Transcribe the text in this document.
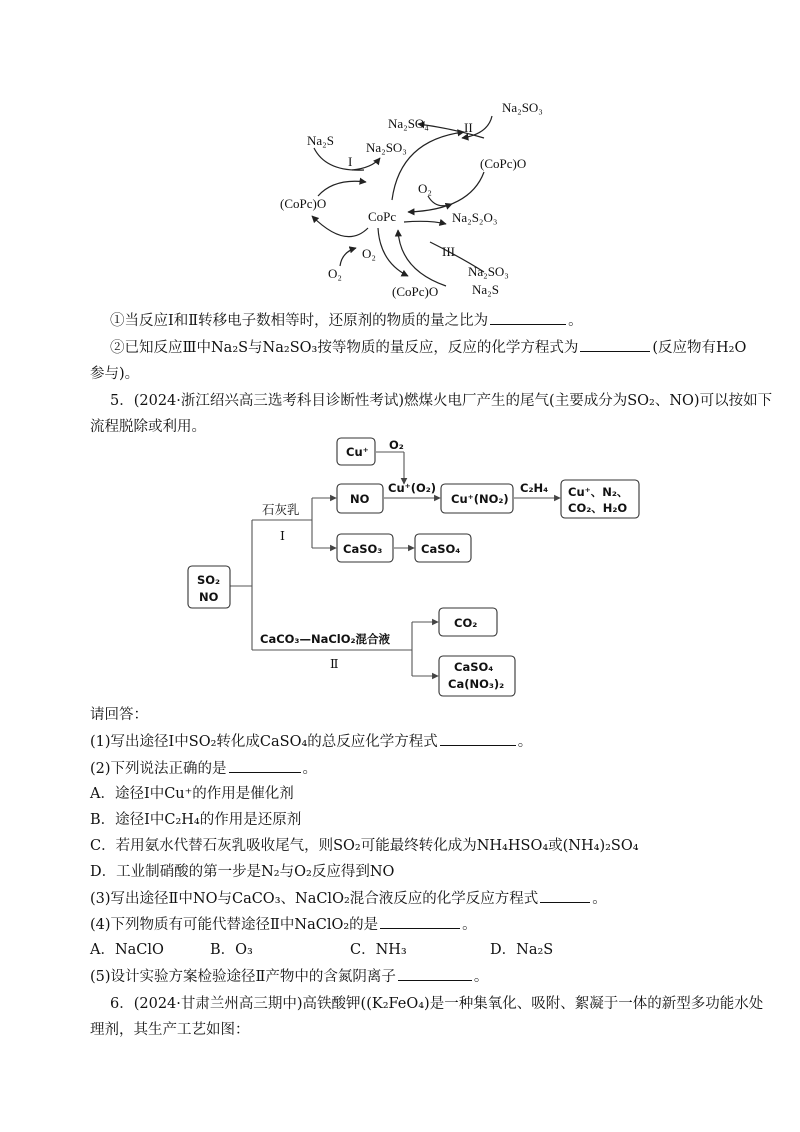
Na₂SO₃
Na₂SO₄	II
Na₂S
I
Na₂SO₃
(CoPc)O
O₂
(CoPc)O
CoPc	Na₂S₂O₃
O₂	III
O₂	Na₂SO₃
Na₂S
(CoPc)O
①当反应Ⅰ和Ⅱ转移电子数相等时，还原剂的物质的量之比为	。
②已知反应Ⅲ中Na₂S与Na₂SO₃按等物质的量反应，反应的化学方程式为	(反应物有H₂O
参与)。
5．(2024·浙江绍兴高三选考科目诊断性考试)燃煤火电厂产生的尾气(主要成分为SO₂、NO)可以按如下
流程脱除或利用。
Cu⁺ O₂
NO
Cu⁺(O₂)
Cu⁺(NO₂)
C₂H₄ Cu⁺、N₂、
CO₂、H₂O
石灰乳
Ⅰ
CaSO₃	CaSO₄
SO₂
NO
CaCO₃—NaClO₂混合液
Ⅱ
CO₂
CaSO₄
Ca(NO₃)₂
请回答：
(1)写出途径Ⅰ中SO₂转化成CaSO₄的总反应化学方程式	。
(2)下列说法正确的是	。
A．途径Ⅰ中Cu⁺的作用是催化剂
B．途径Ⅰ中C₂H₄的作用是还原剂
C．若用氨水代替石灰乳吸收尾气，则SO₂可能最终转化成为NH₄HSO₄或(NH₄)₂SO₄
D．工业制硝酸的第一步是N₂与O₂反应得到NO
(3)写出途径Ⅱ中NO与CaCO₃、NaClO₂混合液反应的化学反应方程式	。
(4)下列物质有可能代替途径Ⅱ中NaClO₂的是	。
A．NaClO	B．O₃	C．NH₃	D．Na₂S
(5)设计实验方案检验途径Ⅱ产物中的含氮阴离子	。
6．(2024·甘肃兰州高三期中)高铁酸钾((K₂FeO₄)是一种集氧化、吸附、絮凝于一体的新型多功能水处
理剂，其生产工艺如图：
